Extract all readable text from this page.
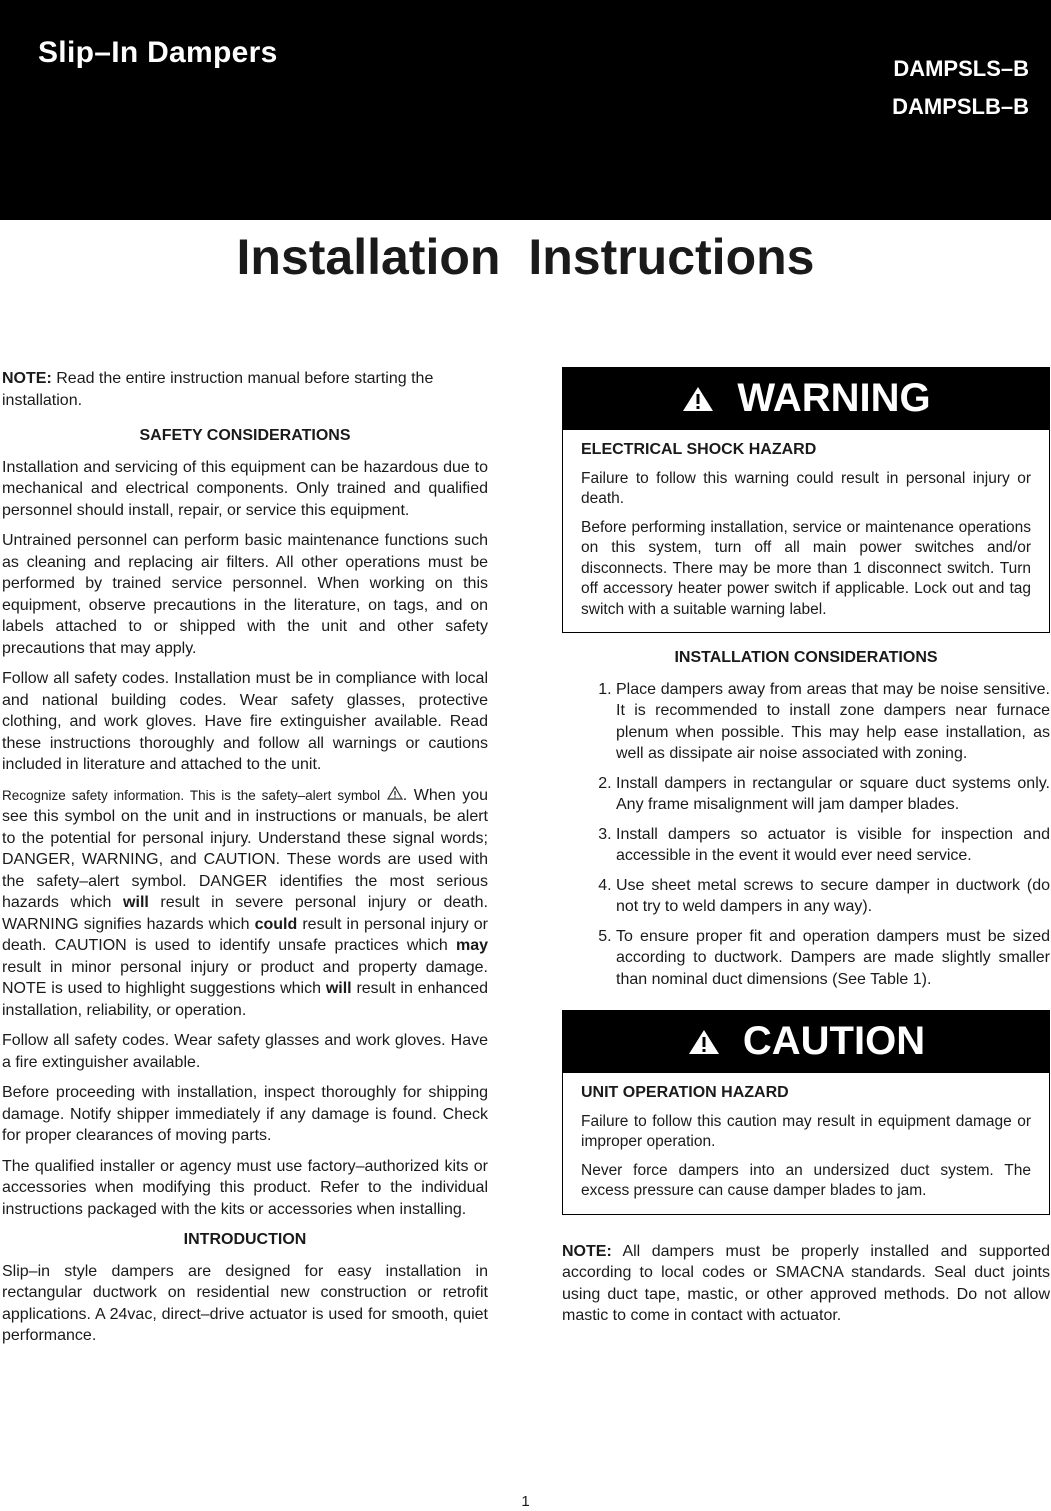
Slip–In Dampers	DAMPSLS–B
DAMPSLB–B
Installation Instructions

NOTE: Read the entire instruction manual before starting the installation.

SAFETY CONSIDERATIONS

Installation and servicing of this equipment can be hazardous due to mechanical and electrical components. Only trained and qualified personnel should install, repair, or service this equipment.

Untrained personnel can perform basic maintenance functions such as cleaning and replacing air filters. All other operations must be performed by trained service personnel. When working on this equipment, observe precautions in the literature, on tags, and on labels attached to or shipped with the unit and other safety precautions that may apply.

Follow all safety codes. Installation must be in compliance with local and national building codes. Wear safety glasses, protective clothing, and work gloves. Have fire extinguisher available. Read these instructions thoroughly and follow all warnings or cautions included in literature and attached to the unit.

Recognize safety information. This is the safety–alert symbol . When you see this symbol on the unit and in instructions or manuals, be alert to the potential for personal injury. Understand these signal words; DANGER, WARNING, and CAUTION. These words are used with the safety–alert symbol. DANGER identifies the most serious hazards which will result in severe personal injury or death. WARNING signifies hazards which could result in personal injury or death. CAUTION is used to identify unsafe practices which may result in minor personal injury or product and property damage. NOTE is used to highlight suggestions which will result in enhanced installation, reliability, or operation.

Follow all safety codes. Wear safety glasses and work gloves. Have a fire extinguisher available.

Before proceeding with installation, inspect thoroughly for shipping damage. Notify shipper immediately if any damage is found. Check for proper clearances of moving parts.

The qualified installer or agency must use factory–authorized kits or accessories when modifying this product. Refer to the individual instructions packaged with the kits or accessories when installing.

INTRODUCTION

Slip–in style dampers are designed for easy installation in rectangular ductwork on residential new construction or retrofit applications. A 24vac, direct–drive actuator is used for smooth, quiet performance.

WARNING
ELECTRICAL SHOCK HAZARD

Failure to follow this warning could result in personal injury or death.

Before performing installation, service or maintenance operations on this system, turn off all main power switches and/or disconnects. There may be more than 1 disconnect switch. Turn off accessory heater power switch if applicable. Lock out and tag switch with a suitable warning label.

INSTALLATION CONSIDERATIONS
1. Place dampers away from areas that may be noise sensitive. It is recommended to install zone dampers near furnace plenum when possible. This may help ease installation, as well as dissipate air noise associated with zoning.
2. Install dampers in rectangular or square duct systems only. Any frame misalignment will jam damper blades.
3. Install dampers so actuator is visible for inspection and accessible in the event it would ever need service.
4. Use sheet metal screws to secure damper in ductwork (do not try to weld dampers in any way).
5. To ensure proper fit and operation dampers must be sized according to ductwork. Dampers are made slightly smaller than nominal duct dimensions (See Table 1).
CAUTION
UNIT OPERATION HAZARD

Failure to follow this caution may result in equipment damage or improper operation.

Never force dampers into an undersized duct system. The excess pressure can cause damper blades to jam.

NOTE: All dampers must be properly installed and supported according to local codes or SMACNA standards. Seal duct joints using duct tape, mastic, or other approved methods. Do not allow mastic to come in contact with actuator.

1
